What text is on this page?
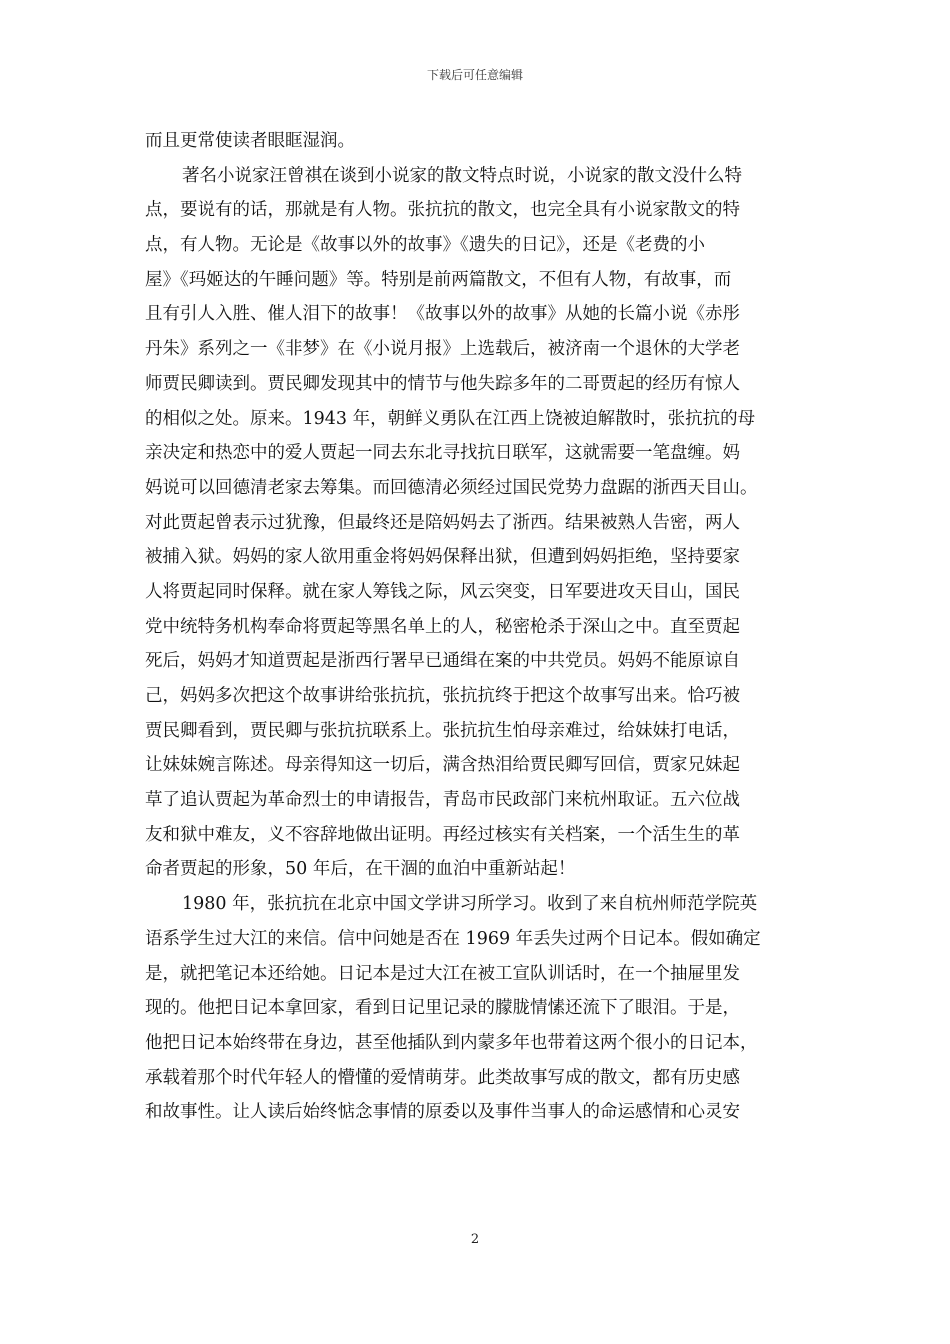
下载后可任意编辑
而且更常使读者眼眶湿润。
著名小说家汪曾祺在谈到小说家的散文特点时说，小说家的散文没什么特
点，要说有的话，那就是有人物。张抗抗的散文，也完全具有小说家散文的特
点，有人物。无论是《故事以外的故事》《遗失的日记》，还是《老费的小
屋》《玛姬达的午睡问题》等。特别是前两篇散文，不但有人物，有故事，而
且有引人入胜、催人泪下的故事！《故事以外的故事》从她的长篇小说《赤彤
丹朱》系列之一《非梦》在《小说月报》上选载后，被济南一个退休的大学老
师贾民卿读到。贾民卿发现其中的情节与他失踪多年的二哥贾起的经历有惊人
的相似之处。原来。1943 年，朝鲜义勇队在江西上饶被迫解散时，张抗抗的母
亲决定和热恋中的爱人贾起一同去东北寻找抗日联军，这就需要一笔盘缠。妈
妈说可以回德清老家去筹集。而回德清必须经过国民党势力盘踞的浙西天目山。
对此贾起曾表示过犹豫，但最终还是陪妈妈去了浙西。结果被熟人告密，两人
被捕入狱。妈妈的家人欲用重金将妈妈保释出狱，但遭到妈妈拒绝，坚持要家
人将贾起同时保释。就在家人筹钱之际，风云突变，日军要进攻天目山，国民
党中统特务机构奉命将贾起等黑名单上的人，秘密枪杀于深山之中。直至贾起
死后，妈妈才知道贾起是浙西行署早已通缉在案的中共党员。妈妈不能原谅自
己，妈妈多次把这个故事讲给张抗抗，张抗抗终于把这个故事写出来。恰巧被
贾民卿看到，贾民卿与张抗抗联系上。张抗抗生怕母亲难过，给妹妹打电话，
让妹妹婉言陈述。母亲得知这一切后，满含热泪给贾民卿写回信，贾家兄妹起
草了追认贾起为革命烈士的申请报告，青岛市民政部门来杭州取证。五六位战
友和狱中难友，义不容辞地做出证明。再经过核实有关档案，一个活生生的革
命者贾起的形象，50 年后，在干涸的血泊中重新站起！
1980 年，张抗抗在北京中国文学讲习所学习。收到了来自杭州师范学院英
语系学生过大江的来信。信中问她是否在 1969 年丢失过两个日记本。假如确定
是，就把笔记本还给她。日记本是过大江在被工宣队训话时，在一个抽屉里发
现的。他把日记本拿回家，看到日记里记录的朦胧情愫还流下了眼泪。于是，
他把日记本始终带在身边，甚至他插队到内蒙多年也带着这两个很小的日记本，
承载着那个时代年轻人的懵懂的爱情萌芽。此类故事写成的散文，都有历史感
和故事性。让人读后始终惦念事情的原委以及事件当事人的命运感情和心灵安
2
